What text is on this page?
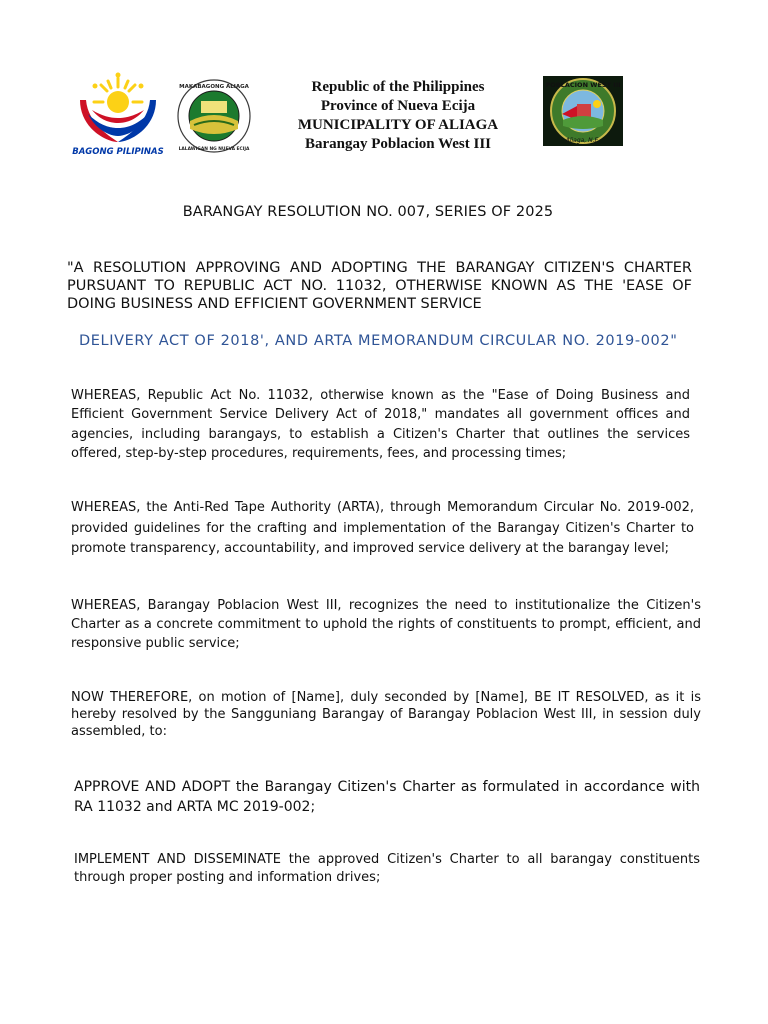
BAGONG PILIPINAS
MAKABAGONG ALIAGA
LALAWIGAN NG NUEVA ECIJA
Republic of the Philippines
Province of Nueva Ecija
MUNICIPALITY OF ALIAGA
Barangay Poblacion West III
POBLACION WEST III
Aliaga, N.E.
BARANGAY RESOLUTION NO. 007, SERIES OF 2025
"A RESOLUTION APPROVING AND ADOPTING THE BARANGAY CITIZEN'S CHARTER PURSUANT TO REPUBLIC ACT NO. 11032, OTHERWISE KNOWN AS THE 'EASE OF DOING BUSINESS AND EFFICIENT GOVERNMENT SERVICE
DELIVERY ACT OF 2018', AND ARTA MEMORANDUM CIRCULAR NO. 2019-002"
WHEREAS, Republic Act No. 11032, otherwise known as the "Ease of Doing Business and Efficient Government Service Delivery Act of 2018," mandates all government offices and agencies, including barangays, to establish a Citizen's Charter that outlines the services offered, step-by-step procedures, requirements, fees, and processing times;
WHEREAS, the Anti-Red Tape Authority (ARTA), through Memorandum Circular No. 2019-002, provided guidelines for the crafting and implementation of the Barangay Citizen's Charter to promote transparency, accountability, and improved service delivery at the barangay level;
WHEREAS, Barangay Poblacion West III, recognizes the need to institutionalize the Citizen's Charter as a concrete commitment to uphold the rights of constituents to prompt, efficient, and responsive public service;
NOW THEREFORE, on motion of [Name], duly seconded by [Name], BE IT RESOLVED, as it is hereby resolved by the Sangguniang Barangay of Barangay Poblacion West III, in session duly assembled, to:
APPROVE AND ADOPT the Barangay Citizen's Charter as formulated in accordance with RA 11032 and ARTA MC 2019-002;
IMPLEMENT AND DISSEMINATE the approved Citizen's Charter to all barangay constituents through proper posting and information drives;
